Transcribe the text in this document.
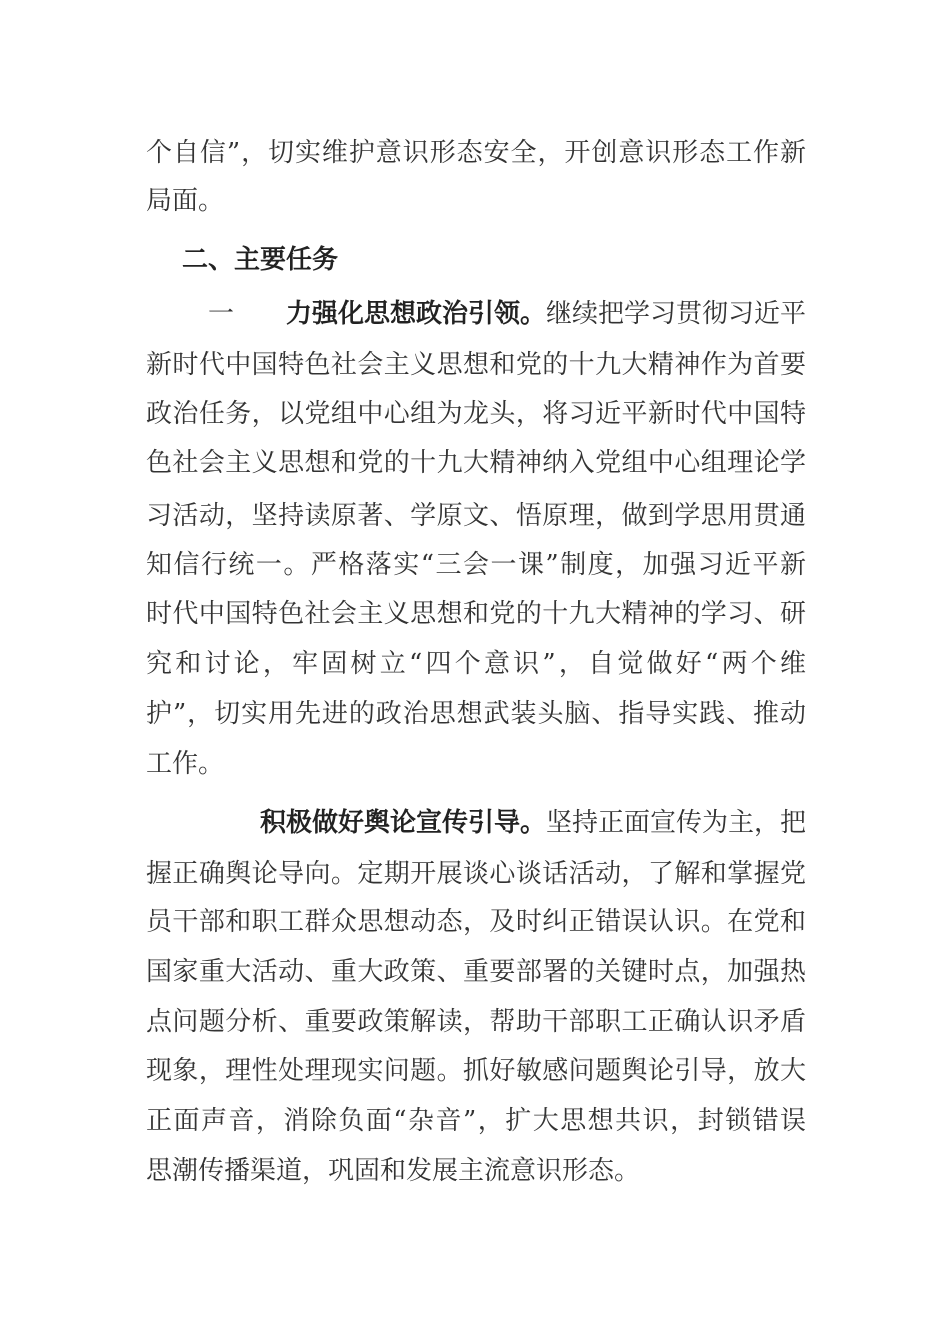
个自信”，切实维护意识形态安全，开创意识形态工作新
局面。
二、主要任务
一 力强化思想政治引领。继续把学习贯彻习近平
新时代中国特色社会主义思想和党的十九大精神作为首要
政治任务，以党组中心组为龙头，将习近平新时代中国特
色社会主义思想和党的十九大精神纳入党组中心组理论学
习活动，坚持读原著、学原文、悟原理，做到学思用贯通
知信行统一。严格落实“三会一课”制度，加强习近平新
时代中国特色社会主义思想和党的十九大精神的学习、研
究和讨论，牢固树立“四个意识”，自觉做好“两个维
护”，切实用先进的政治思想武装头脑、指导实践、推动
工作。
积极做好舆论宣传引导。坚持正面宣传为主，把
握正确舆论导向。定期开展谈心谈话活动，了解和掌握党
员干部和职工群众思想动态，及时纠正错误认识。在党和
国家重大活动、重大政策、重要部署的关键时点，加强热
点问题分析、重要政策解读，帮助干部职工正确认识矛盾
现象，理性处理现实问题。抓好敏感问题舆论引导，放大
正面声音，消除负面“杂音”，扩大思想共识，封锁错误
思潮传播渠道，巩固和发展主流意识形态。
